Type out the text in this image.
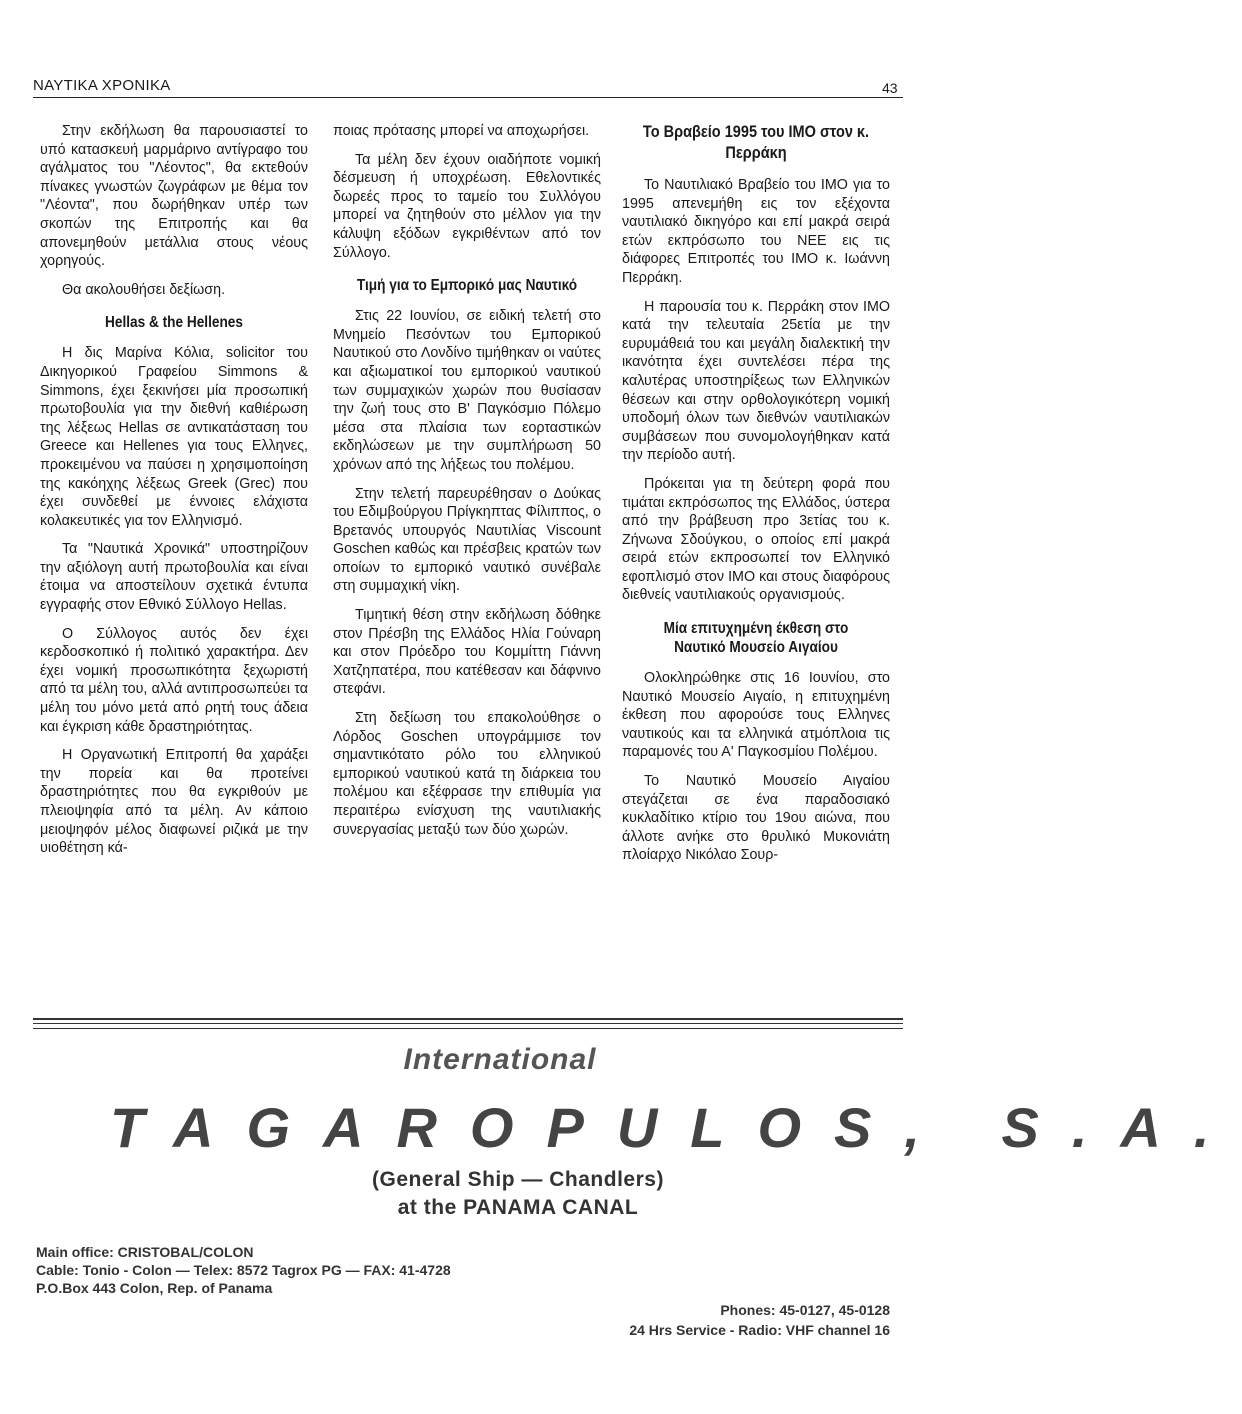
ΝΑΥΤΙΚΑ ΧΡΟΝΙΚΑ	43

Στην εκδήλωση θα παρουσιαστεί το υπό κατασκευή μαρμάρινο αντίγραφο του αγάλματος του "Λέοντος", θα εκτεθούν πίνακες γνωστών ζωγράφων με θέμα τον "Λέοντα", που δωρήθηκαν υπέρ των σκοπών της Επιτροπής και θα απονεμηθούν μετάλλια στους νέους χορηγούς.

Θα ακολουθήσει δεξίωση.

Hellas & the Hellenes

Η δις Μαρίνα Κόλια, solicitor του Δικηγορικού Γραφείου Simmons & Simmons, έχει ξεκινήσει μία προσωπική πρωτοβουλία για την διεθνή καθιέρωση της λέξεως Hellas σε αντικατάσταση του Greece και Hellenes για τους Ελληνες, προκειμένου να παύσει η χρησιμοποίηση της κακόηχης λέξεως Greek (Grec) που έχει συνδεθεί με έννοιες ελάχιστα κολακευτικές για τον Ελληνισμό.

Τα "Ναυτικά Χρονικά" υποστηρίζουν την αξιόλογη αυτή πρωτοβουλία και είναι έτοιμα να αποστείλουν σχετικά έντυπα εγγραφής στον Εθνικό Σύλλογο Hellas.

Ο Σύλλογος αυτός δεν έχει κερδοσκοπικό ή πολιτικό χαρακτήρα. Δεν έχει νομική προσωπικότητα ξεχωριστή από τα μέλη του, αλλά αντιπροσωπεύει τα μέλη του μόνο μετά από ρητή τους άδεια και έγκριση κάθε δραστηριότητας.

Η Οργανωτική Επιτροπή θα χαράξει την πορεία και θα προτείνει δραστηριότητες που θα εγκριθούν με πλειοψηφία από τα μέλη. Αν κάποιο μειοψηφόν μέλος διαφωνεί ριζικά με την υιοθέτηση κά-

ποιας πρότασης μπορεί να αποχωρήσει.

Τα μέλη δεν έχουν οιαδήποτε νομική δέσμευση ή υποχρέωση. Εθελοντικές δωρεές προς το ταμείο του Συλλόγου μπορεί να ζητηθούν στο μέλλον για την κάλυψη εξόδων εγκριθέντων από τον Σύλλογο.

Τιμή για το Εμπορικό μας Ναυτικό

Στις 22 Ιουνίου, σε ειδική τελετή στο Μνημείο Πεσόντων του Εμπορικού Ναυτικού στο Λονδίνο τιμήθηκαν οι ναύτες και αξιωματικοί του εμπορικού ναυτικού των συμμαχικών χωρών που θυσίασαν την ζωή τους στο Β' Παγκόσμιο Πόλεμο μέσα στα πλαίσια των εορταστικών εκδηλώσεων με την συμπλήρωση 50 χρόνων από της λήξεως του πολέμου.

Στην τελετή παρευρέθησαν ο Δούκας του Εδιμβούργου Πρίγκηπτας Φίλιππος, ο Βρετανός υπουργός Ναυτιλίας Viscount Goschen καθώς και πρέσβεις κρατών των οποίων το εμπορικό ναυτικό συνέβαλε στη συμμαχική νίκη.

Τιμητική θέση στην εκδήλωση δόθηκε στον Πρέσβη της Ελλάδος Ηλία Γούναρη και στον Πρόεδρο του Κομμίττη Γιάννη Χατζηπατέρα, που κατέθεσαν και δάφνινο στεφάνι.

Στη δεξίωση του επακολούθησε ο Λόρδος Goschen υπογράμμισε τον σημαντικότατο ρόλο του ελληνικού εμπορικού ναυτικού κατά τη διάρκεια του πολέμου και εξέφρασε την επιθυμία για περαιτέρω ενίσχυση της ναυτιλιακής συνεργασίας μεταξύ των δύο χωρών.

Το Βραβείο 1995 του ΙΜΟ στον κ. Περράκη

Το Ναυτιλιακό Βραβείο του ΙΜΟ για το 1995 απενεμήθη εις τον εξέχοντα ναυτιλιακό δικηγόρο και επί μακρά σειρά ετών εκπρόσωπο του ΝΕΕ εις τις διάφορες Επιτροπές του ΙΜΟ κ. Ιωάννη Περράκη.

Η παρουσία του κ. Περράκη στον ΙΜΟ κατά την τελευταία 25ετία με την ευρυμάθειά του και μεγάλη διαλεκτική την ικανότητα έχει συντελέσει πέρα της καλυτέρας υποστηρίξεως των Ελληνικών θέσεων και στην ορθολογικότερη νομική υποδομή όλων των διεθνών ναυτιλιακών συμβάσεων που συνομολογήθηκαν κατά την περίοδο αυτή.

Πρόκειται για τη δεύτερη φορά που τιμάται εκπρόσωπος της Ελλάδος, ύστερα από την βράβευση προ 3ετίας του κ. Ζήνωνα Σδούγκου, ο οποίος επί μακρά σειρά ετών εκπροσωπεί τον Ελληνικό εφοπλισμό στον ΙΜΟ και στους διαφόρους διεθνείς ναυτιλιακούς οργανισμούς.

Μία επιτυχημένη έκθεση στο Ναυτικό Μουσείο Αιγαίου

Ολοκληρώθηκε στις 16 Ιουνίου, στο Ναυτικό Μουσείο Αιγαίο, η επιτυχημένη έκθεση που αφορούσε τους Ελληνες ναυτικούς και τα ελληνικά ατμόπλοια τις παραμονές του Α' Παγκοσμίου Πολέμου.

Το Ναυτικό Μουσείο Αιγαίου στεγάζεται σε ένα παραδοσιακό κυκλαδίτικο κτίριο του 19ου αιώνα, που άλλοτε ανήκε στο θρυλικό Μυκονιάτη πλοίαρχο Νικόλαο Σουρ-

International
TAGAROPULOS, S.A.
(General Ship — Chandlers)
at the PANAMA CANAL
Main office: CRISTOBAL/COLON
Cable: Tonio - Colon — Telex: 8572 Tagrox PG — FAX: 41-4728
P.O.Box 443 Colon, Rep. of Panama
Phones: 45-0127, 45-0128
24 Hrs Service - Radio: VHF channel 16
